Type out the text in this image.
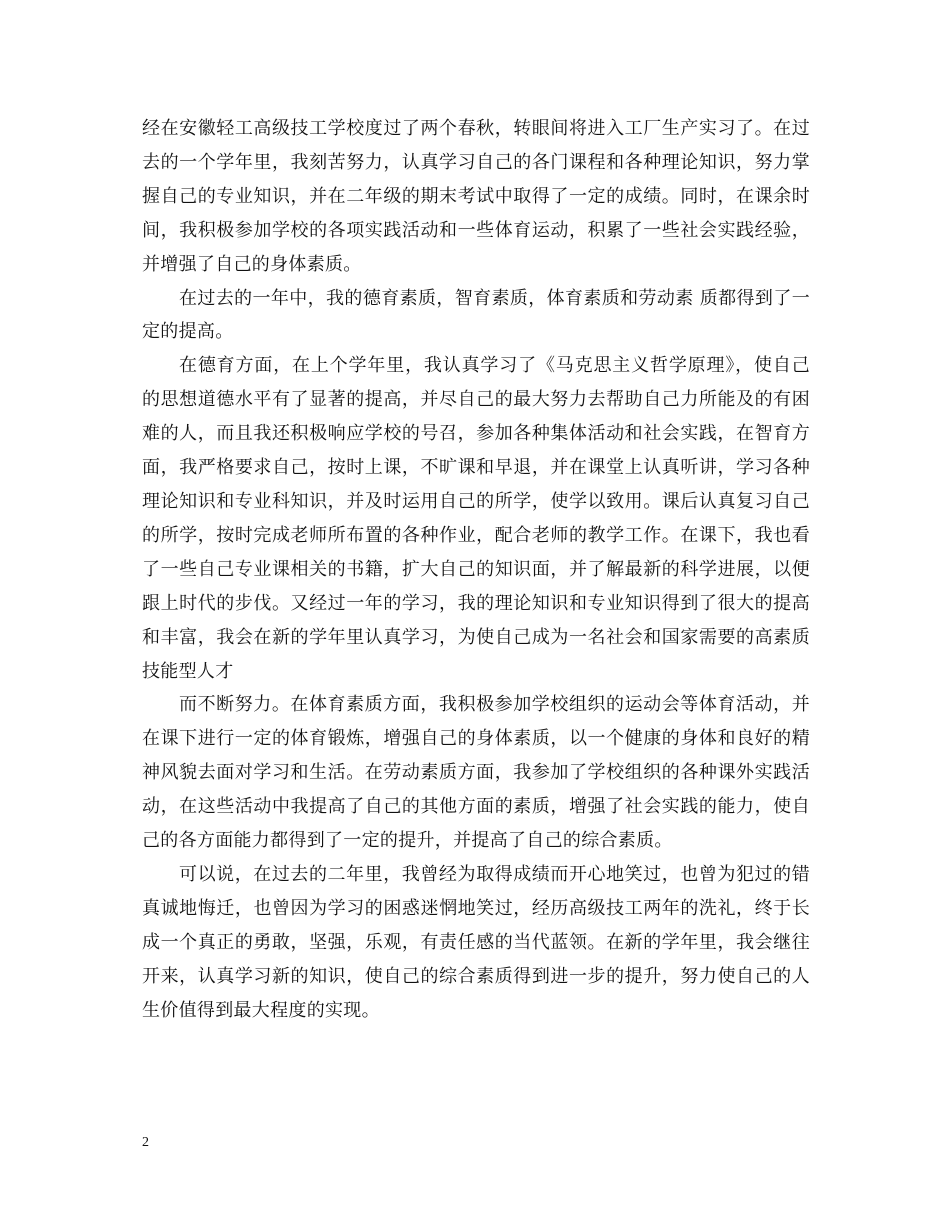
经在安徽轻工高级技工学校度过了两个春秋，转眼间将进入工厂生产实习了。在过去的一个学年里，我刻苦努力，认真学习自己的各门课程和各种理论知识，努力掌握自己的专业知识，并在二年级的期末考试中取得了一定的成绩。同时，在课余时间，我积极参加学校的各项实践活动和一些体育运动，积累了一些社会实践经验，并增强了自己的身体素质。

在过去的一年中，我的德育素质，智育素质，体育素质和劳动素 质都得到了一定的提高。

在德育方面，在上个学年里，我认真学习了《马克思主义哲学原理》，使自己的思想道德水平有了显著的提高，并尽自己的最大努力去帮助自己力所能及的有困难的人，而且我还积极响应学校的号召，参加各种集体活动和社会实践，在智育方面，我严格要求自己，按时上课，不旷课和早退，并在课堂上认真听讲，学习各种理论知识和专业科知识，并及时运用自己的所学，使学以致用。课后认真复习自己的所学，按时完成老师所布置的各种作业，配合老师的教学工作。在课下，我也看了一些自己专业课相关的书籍，扩大自己的知识面，并了解最新的科学进展，以便跟上时代的步伐。又经过一年的学习，我的理论知识和专业知识得到了很大的提高和丰富，我会在新的学年里认真学习，为使自己成为一名社会和国家需要的高素质技能型人才

而不断努力。在体育素质方面，我积极参加学校组织的运动会等体育活动，并在课下进行一定的体育锻炼，增强自己的身体素质，以一个健康的身体和良好的精神风貌去面对学习和生活。在劳动素质方面，我参加了学校组织的各种课外实践活动，在这些活动中我提高了自己的其他方面的素质，增强了社会实践的能力，使自己的各方面能力都得到了一定的提升，并提高了自己的综合素质。

可以说，在过去的二年里，我曾经为取得成绩而开心地笑过，也曾为犯过的错真诚地悔迁，也曾因为学习的困惑迷惘地笑过，经历高级技工两年的洗礼，终于长成一个真正的勇敢，坚强，乐观，有责任感的当代蓝领。在新的学年里，我会继往开来，认真学习新的知识，使自己的综合素质得到进一步的提升，努力使自己的人生价值得到最大程度的实现。

2
